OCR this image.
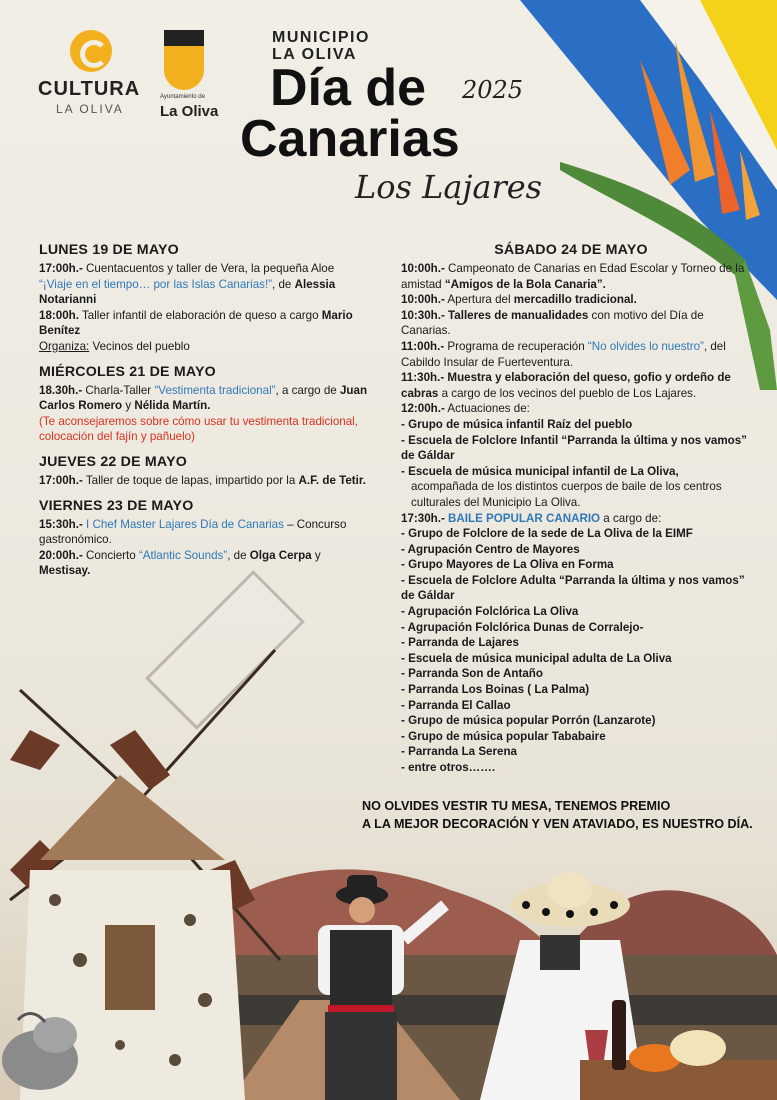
CULTURA
LA OLIVA
Ayuntamiento de
La Oliva
MUNICIPIO
LA OLIVA
Día de 2025
Canarias
Los Lajares
LUNES 19 DE MAYO

17:00h.- Cuentacuentos y taller de Vera, la pequeña Aloe “¡Viaje en el tiempo… por las Islas Canarias!”, de Alessia Notarianni

18:00h. Taller infantil de elaboración de queso a cargo Mario Benítez

Organiza: Vecinos del pueblo

MIÉRCOLES 21 DE MAYO

18.30h.- Charla-Taller “Vestimenta tradicional”, a cargo de Juan Carlos Romero y Nélida Martín.

(Te aconsejaremos sobre cómo usar tu vestimenta tradicional, colocación del fajín y pañuelo)

JUEVES 22 DE MAYO

17:00h.- Taller de toque de lapas, impartido por la A.F. de Tetir.

VIERNES 23 DE MAYO

15:30h.- I Chef Master Lajares Día de Canarias – Concurso gastronómico.

20:00h.- Concierto “Atlantic Sounds”, de Olga Cerpa y Mestisay.

SÁBADO 24 DE MAYO

10:00h.- Campeonato de Canarias en Edad Escolar y Torneo de la amistad “Amigos de la Bola Canaria”.

10:00h.- Apertura del mercadillo tradicional.

10:30h.- Talleres de manualidades con motivo del Día de Canarias.

11:00h.- Programa de recuperación “No olvides lo nuestro”, del Cabildo Insular de Fuerteventura.

11:30h.- Muestra y elaboración del queso, gofio y ordeño de cabras a cargo de los vecinos del pueblo de Los Lajares.

12:00h.- Actuaciones de:

- Grupo de música infantil Raíz del pueblo

- Escuela de Folclore Infantil “Parranda la última y nos vamos” de Gáldar

- Escuela de música municipal infantil de La Oliva,

acompañada de los distintos cuerpos de baile de los centros culturales del Municipio La Oliva.

17:30h.- BAILE POPULAR CANARIO a cargo de:

- Grupo de Folclore de la sede de La Oliva de la EIMF

- Agrupación Centro de Mayores

- Grupo Mayores de La Oliva en Forma

- Escuela de Folclore Adulta “Parranda la última y nos vamos” de Gáldar

- Agrupación Folclórica La Oliva

- Agrupación Folclórica Dunas de Corralejo-

- Parranda de Lajares

- Escuela de música municipal adulta de La Oliva

- Parranda Son de Antaño

- Parranda Los Boinas ( La Palma)

- Parranda El Callao

- Grupo de música popular Porrón (Lanzarote)

- Grupo de música popular Tababaire

- Parranda La Serena

- entre otros…….

NO OLVIDES VESTIR TU MESA, TENEMOS PREMIO
A LA MEJOR DECORACIÓN Y VEN ATAVIADO, ES NUESTRO DÍA.
